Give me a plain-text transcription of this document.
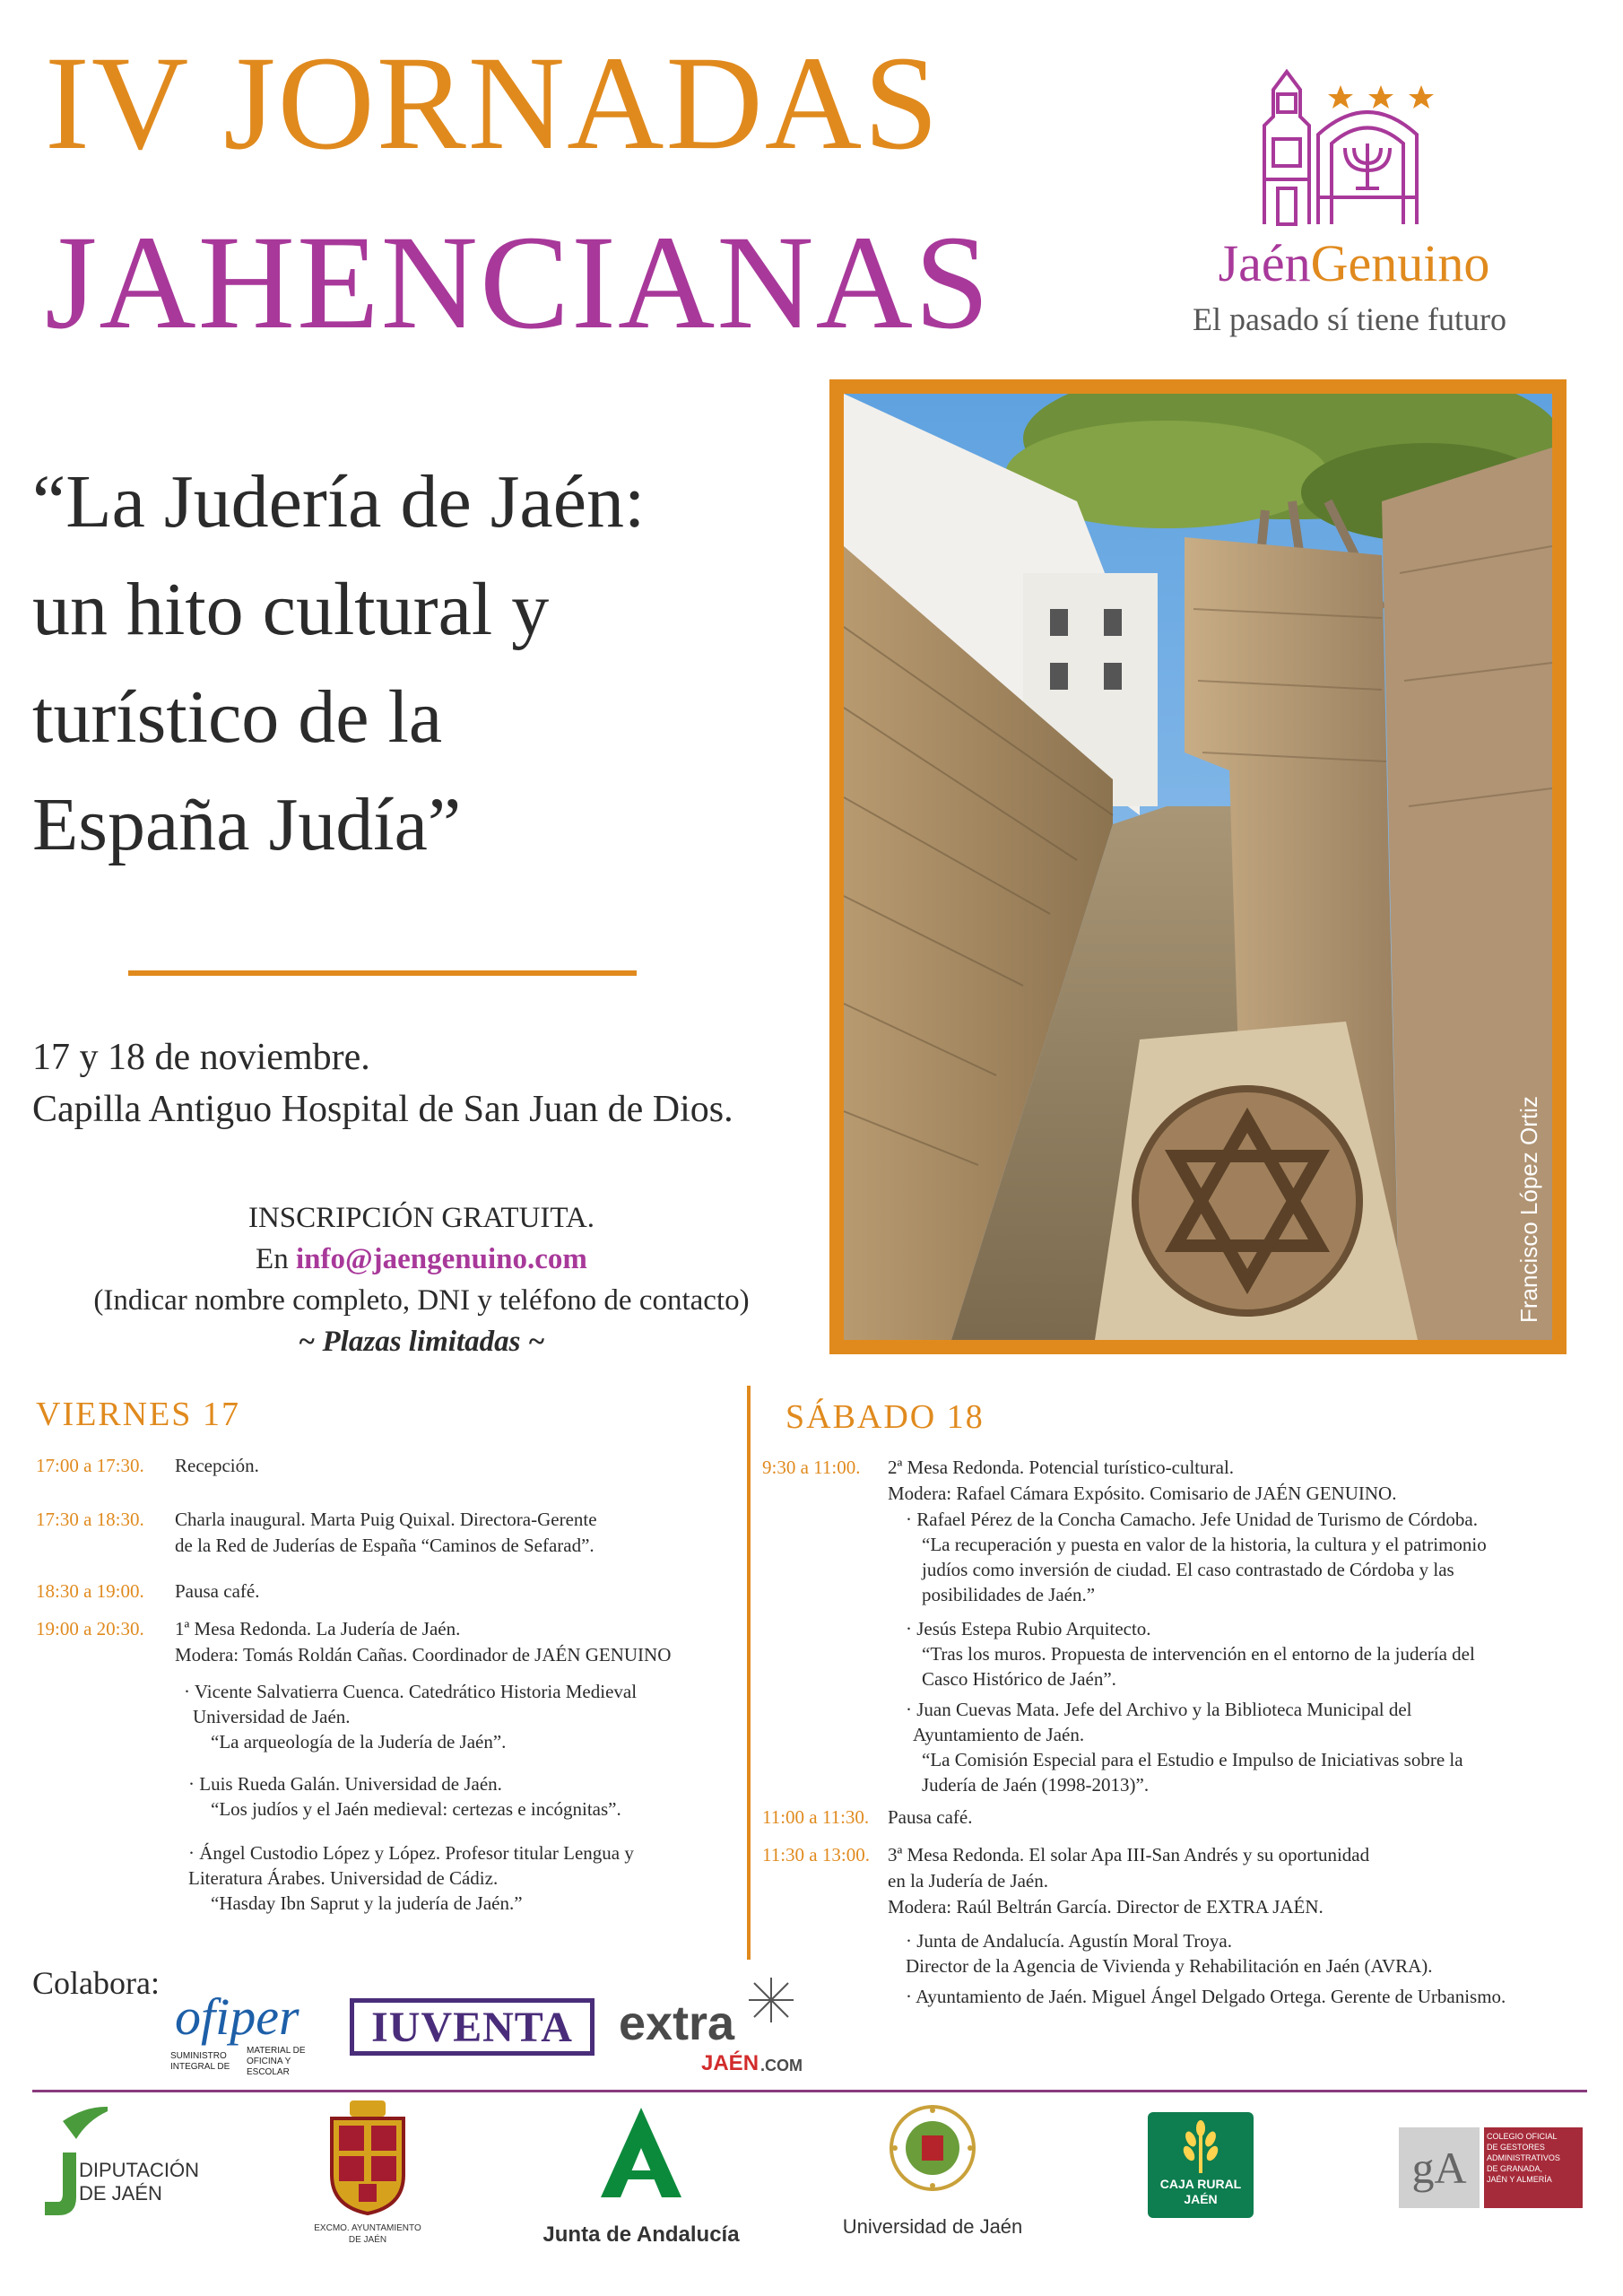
IV JORNADAS
JAHENCIANAS	JaénGenuino
El pasado sí tiene futuro
“La Judería de Jaén:
un hito cultural y
turístico de la
España Judía”
17 y 18 de noviembre.
Capilla Antiguo Hospital de San Juan de Dios.
INSCRIPCIÓN GRATUITA.
En info@jaengenuino.com
(Indicar nombre completo, DNI y teléfono de contacto)
~ Plazas limitadas ~
Francisco López Ortiz
VIERNES 17	SÁBADO 18
17:00 a 17:30. Recepción.
17:30 a 18:30. Charla inaugural. Marta Puig Quixal. Directora-Gerente
de la Red de Juderías de España “Caminos de Sefarad”.
18:30 a 19:00. Pausa café.
19:00 a 20:30. 1ª Mesa Redonda. La Judería de Jaén.
Modera: Tomás Roldán Cañas. Coordinador de JAÉN GENUINO
· Vicente Salvatierra Cuenca. Catedrático Historia Medieval
Universidad de Jaén.
“La arqueología de la Judería de Jaén”.
· Luis Rueda Galán. Universidad de Jaén.
“Los judíos y el Jaén medieval: certezas e incógnitas”.
· Ángel Custodio López y López. Profesor titular Lengua y
Literatura Árabes. Universidad de Cádiz.
“Hasday Ibn Saprut y la judería de Jaén.”
9:30 a 11:00. 2ª Mesa Redonda. Potencial turístico-cultural.
Modera: Rafael Cámara Expósito. Comisario de JAÉN GENUINO.
· Rafael Pérez de la Concha Camacho. Jefe Unidad de Turismo de Córdoba.
“La recuperación y puesta en valor de la historia, la cultura y el patrimonio
judíos como inversión de ciudad. El caso contrastado de Córdoba y las
posibilidades de Jaén.”
· Jesús Estepa Rubio Arquitecto.
“Tras los muros. Propuesta de intervención en el entorno de la judería del
Casco Histórico de Jaén”.
· Juan Cuevas Mata. Jefe del Archivo y la Biblioteca Municipal del
Ayuntamiento de Jaén.
“La Comisión Especial para el Estudio e Impulso de Iniciativas sobre la
Judería de Jaén (1998-2013)”.
11:00 a 11:30. Pausa café.
11:30 a 13:00. 3ª Mesa Redonda. El solar Apa III-San Andrés y su oportunidad
en la Judería de Jaén.
Modera: Raúl Beltrán García. Director de EXTRA JAÉN.
· Junta de Andalucía. Agustín Moral Troya.
Director de la Agencia de Vivienda y Rehabilitación en Jaén (AVRA).
· Ayuntamiento de Jaén. Miguel Ángel Delgado Ortega. Gerente de Urbanismo.
Colabora:
ofiper
SUMINISTRO
INTEGRAL DE
MATERIAL DE
OFICINA Y
ESCOLAR
IUVENTA extra
JAÉN .COM
DIPUTACIÓN
DE JAÉN
EXCMO. AYUNTAMIENTO
DE JAÉN	Junta de Andalucía	Universidad de Jaén
CAJA RURAL
JAÉN
gA
COLEGIO OFICIAL
DE GESTORES
ADMINISTRATIVOS
DE GRANADA,
JAÉN Y ALMERÍA
